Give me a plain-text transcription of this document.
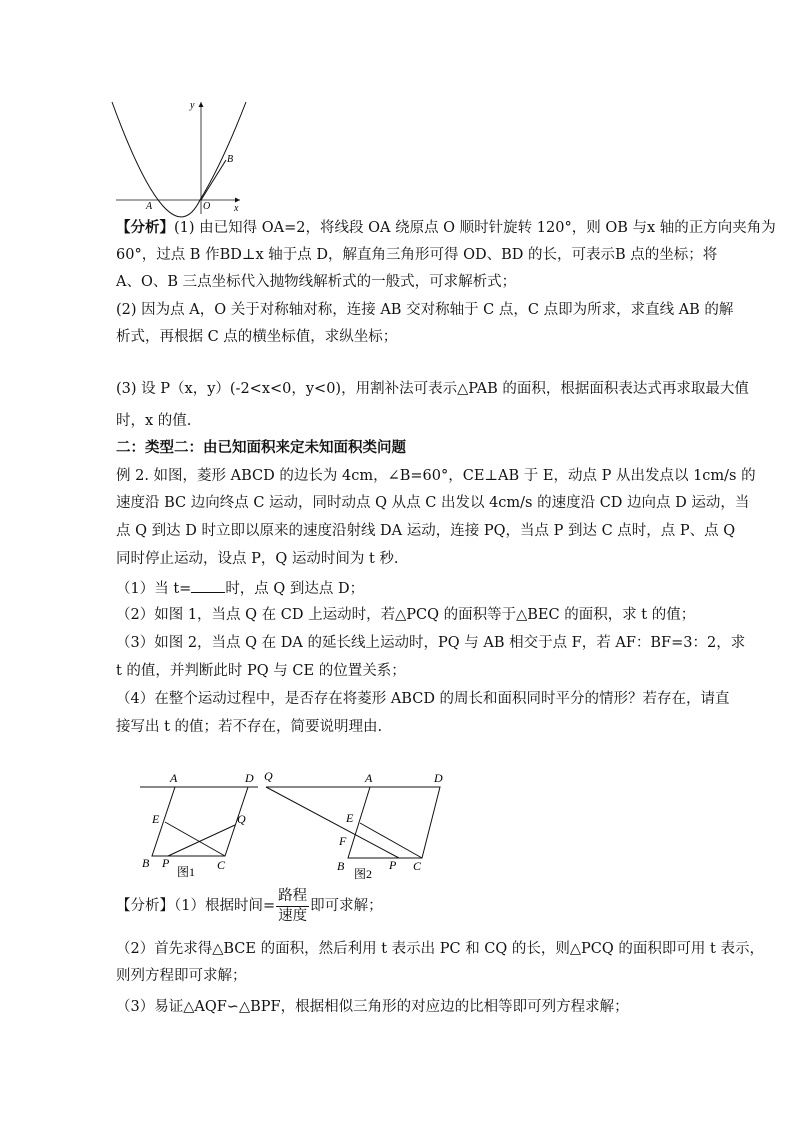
y
x
A	O
B
【分析】(1) 由已知得 OA=2，将线段 OA 绕原点 O 顺时针旋转 120°，则 OB 与x 轴的正方向夹角为
60°，过点 B 作BD⊥x 轴于点 D，解直角三角形可得 OD、BD 的长，可表示B 点的坐标；将
A、O、B 三点坐标代入抛物线解析式的一般式，可求解析式；
(2) 因为点 A，O 关于对称轴对称，连接 AB 交对称轴于 C 点，C 点即为所求，求直线 AB 的解
析式，再根据 C 点的横坐标值，求纵坐标；
(3) 设 P（x，y）(-2<x<0，y<0)，用割补法可表示△PAB 的面积，根据面积表达式再求取最大值
时，x 的值.
二：类型二：由已知面积来定未知面积类问题
例 2. 如图，菱形 ABCD 的边长为 4cm，∠B=60°，CE⊥AB 于 E，动点 P 从出发点以 1cm/s 的
速度沿 BC 边向终点 C 运动，同时动点 Q 从点 C 出发以 4cm/s 的速度沿 CD 边向点 D 运动，当
点 Q 到达 D 时立即以原来的速度沿射线 DA 运动，连接 PQ，当点 P 到达 C 点时，点 P、点 Q
同时停止运动，设点 P，Q 运动时间为 t 秒.
（1）当 t= 时，点 Q 到达点 D；
（2）如图 1，当点 Q 在 CD 上运动时，若△PCQ 的面积等于△BEC 的面积，求 t 的值；
（3）如图 2，当点 Q 在 DA 的延长线上运动时，PQ 与 AB 相交于点 F，若 AF：BF=3：2，求
t 的值，并判断此时 PQ 与 CE 的位置关系；
（4）在整个运动过程中，是否存在将菱形 ABCD 的周长和面积同时平分的情形？若存在，请直
接写出 t 的值；若不存在，简要说明理由.
A	D
E	Q
B P	C
图1
Q	A	D
E
F
B	P C
图2
【分析】（1）根据时间= $\frac{\text{路程}}{\text{速度}}$ 即可求解；
（2）首先求得△BCE 的面积，然后利用 t 表示出 PC 和 CQ 的长，则△PCQ 的面积即可用 t 表示，
则列方程即可求解；
（3）易证△AQF∽△BPF，根据相似三角形的对应边的比相等即可列方程求解；
